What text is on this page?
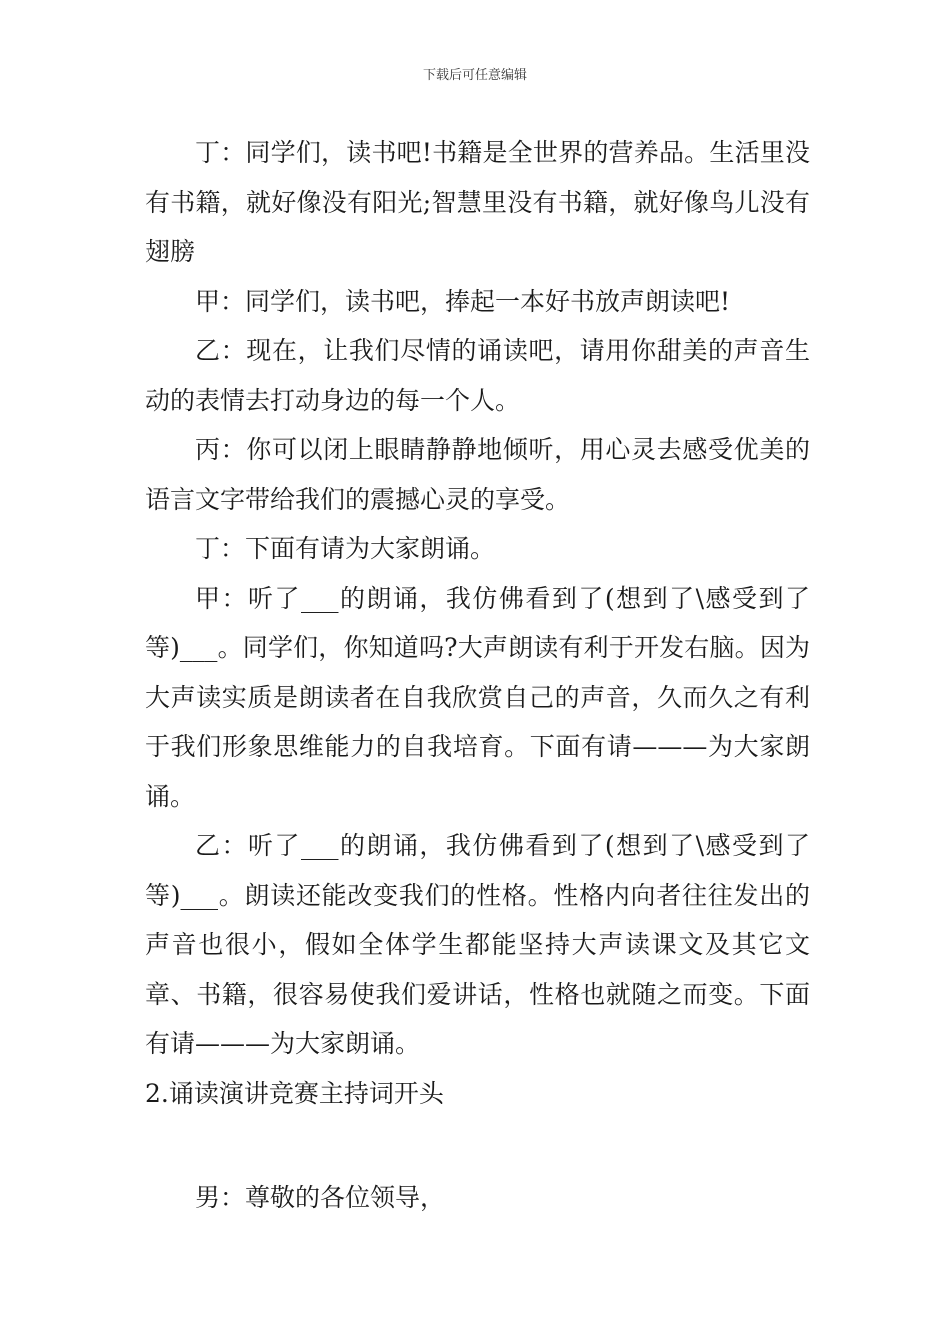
下载后可任意编辑

丁：同学们，读书吧!书籍是全世界的营养品。生活里没有书籍，就好像没有阳光;智慧里没有书籍，就好像鸟儿没有翅膀

甲：同学们，读书吧，捧起一本好书放声朗读吧!

乙：现在，让我们尽情的诵读吧，请用你甜美的声音生动的表情去打动身边的每一个人。

丙：你可以闭上眼睛静静地倾听，用心灵去感受优美的语言文字带给我们的震撼心灵的享受。

丁：下面有请为大家朗诵。

甲：听了___的朗诵，我仿佛看到了(想到了\感受到了等)___。同学们，你知道吗?大声朗读有利于开发右脑。因为大声读实质是朗读者在自我欣赏自己的声音，久而久之有利于我们形象思维能力的自我培育。下面有请———为大家朗诵。

乙：听了___的朗诵，我仿佛看到了(想到了\感受到了等)___。朗读还能改变我们的性格。性格内向者往往发出的声音也很小，假如全体学生都能坚持大声读课文及其它文章、书籍，很容易使我们爱讲话，性格也就随之而变。下面有请———为大家朗诵。

2.诵读演讲竞赛主持词开头

男：尊敬的各位领导，
